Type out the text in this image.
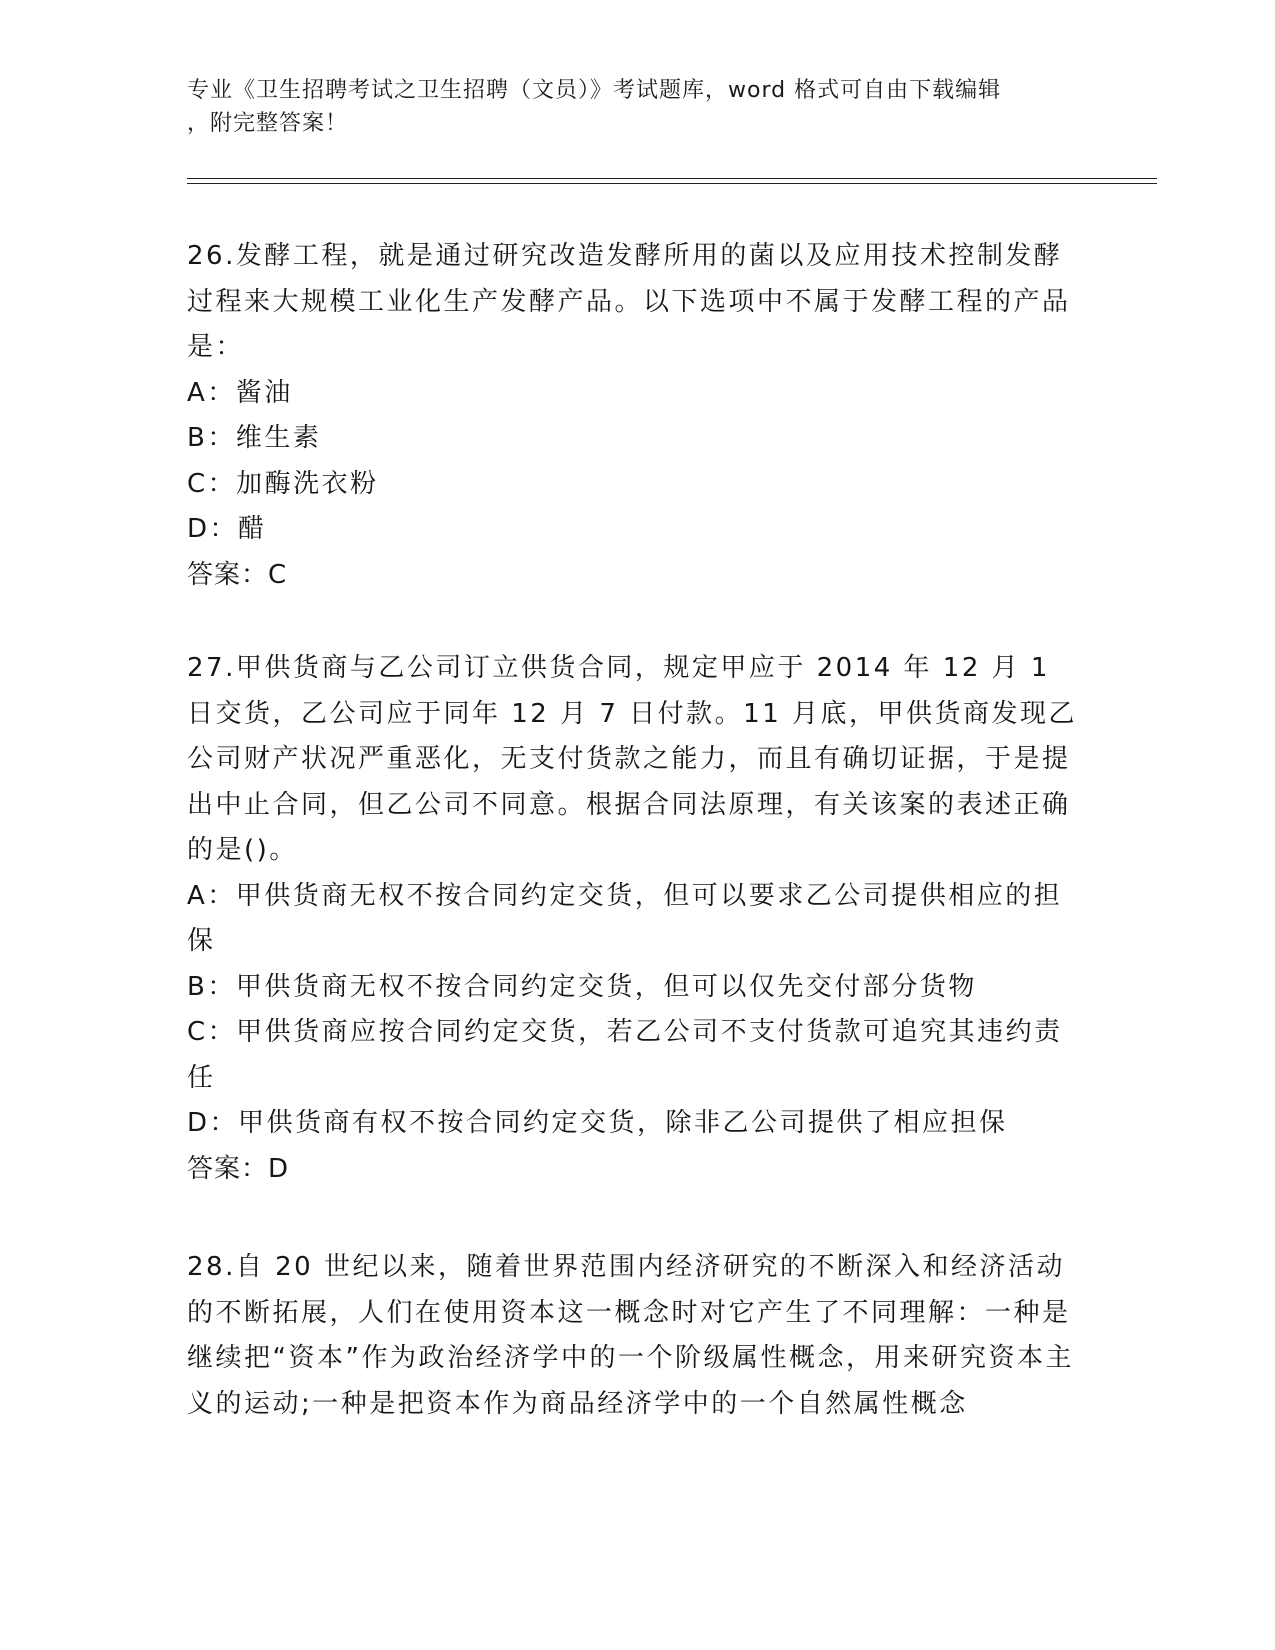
专业《卫生招聘考试之卫生招聘（文员）》考试题库，word 格式可自由下载编辑
，附完整答案！

26.发酵工程，就是通过研究改造发酵所用的菌以及应用技术控制发酵过程来大规模工业化生产发酵产品。以下选项中不属于发酵工程的产品是：

A：酱油

B：维生素

C：加酶洗衣粉

D：醋

答案：C

27.甲供货商与乙公司订立供货合同，规定甲应于 2014 年 12 月 1 日交货，乙公司应于同年 12 月 7 日付款。11 月底，甲供货商发现乙公司财产状况严重恶化，无支付货款之能力，而且有确切证据，于是提出中止合同，但乙公司不同意。根据合同法原理，有关该案的表述正确的是()。

A：甲供货商无权不按合同约定交货，但可以要求乙公司提供相应的担保

B：甲供货商无权不按合同约定交货，但可以仅先交付部分货物

C：甲供货商应按合同约定交货，若乙公司不支付货款可追究其违约责任

D：甲供货商有权不按合同约定交货，除非乙公司提供了相应担保

答案：D

28.自 20 世纪以来，随着世界范围内经济研究的不断深入和经济活动的不断拓展，人们在使用资本这一概念时对它产生了不同理解：一种是继续把“资本”作为政治经济学中的一个阶级属性概念，用来研究资本主义的运动;一种是把资本作为商品经济学中的一个自然属性概念
